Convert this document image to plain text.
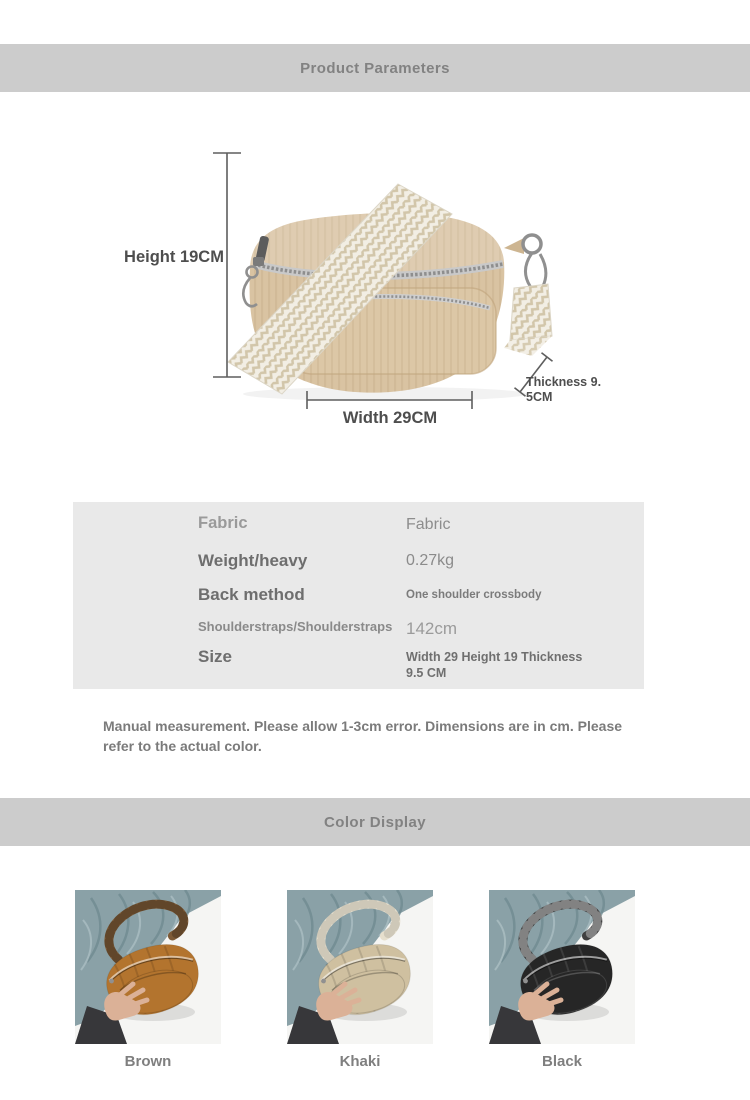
Product Parameters
Height 19CM
Width 29CM
Thickness 9.
5CM
Fabric	Fabric
Weight/heavy	0.27kg
Back method	One shoulder crossbody
Shoulderstraps/Shoulderstraps 142cm
Size	Width 29 Height 19 Thickness 9.5 CM

Manual measurement. Please allow 1-3cm error. Dimensions are in cm. Please refer to the actual color.

Color Display
Brown	Khaki	Black
